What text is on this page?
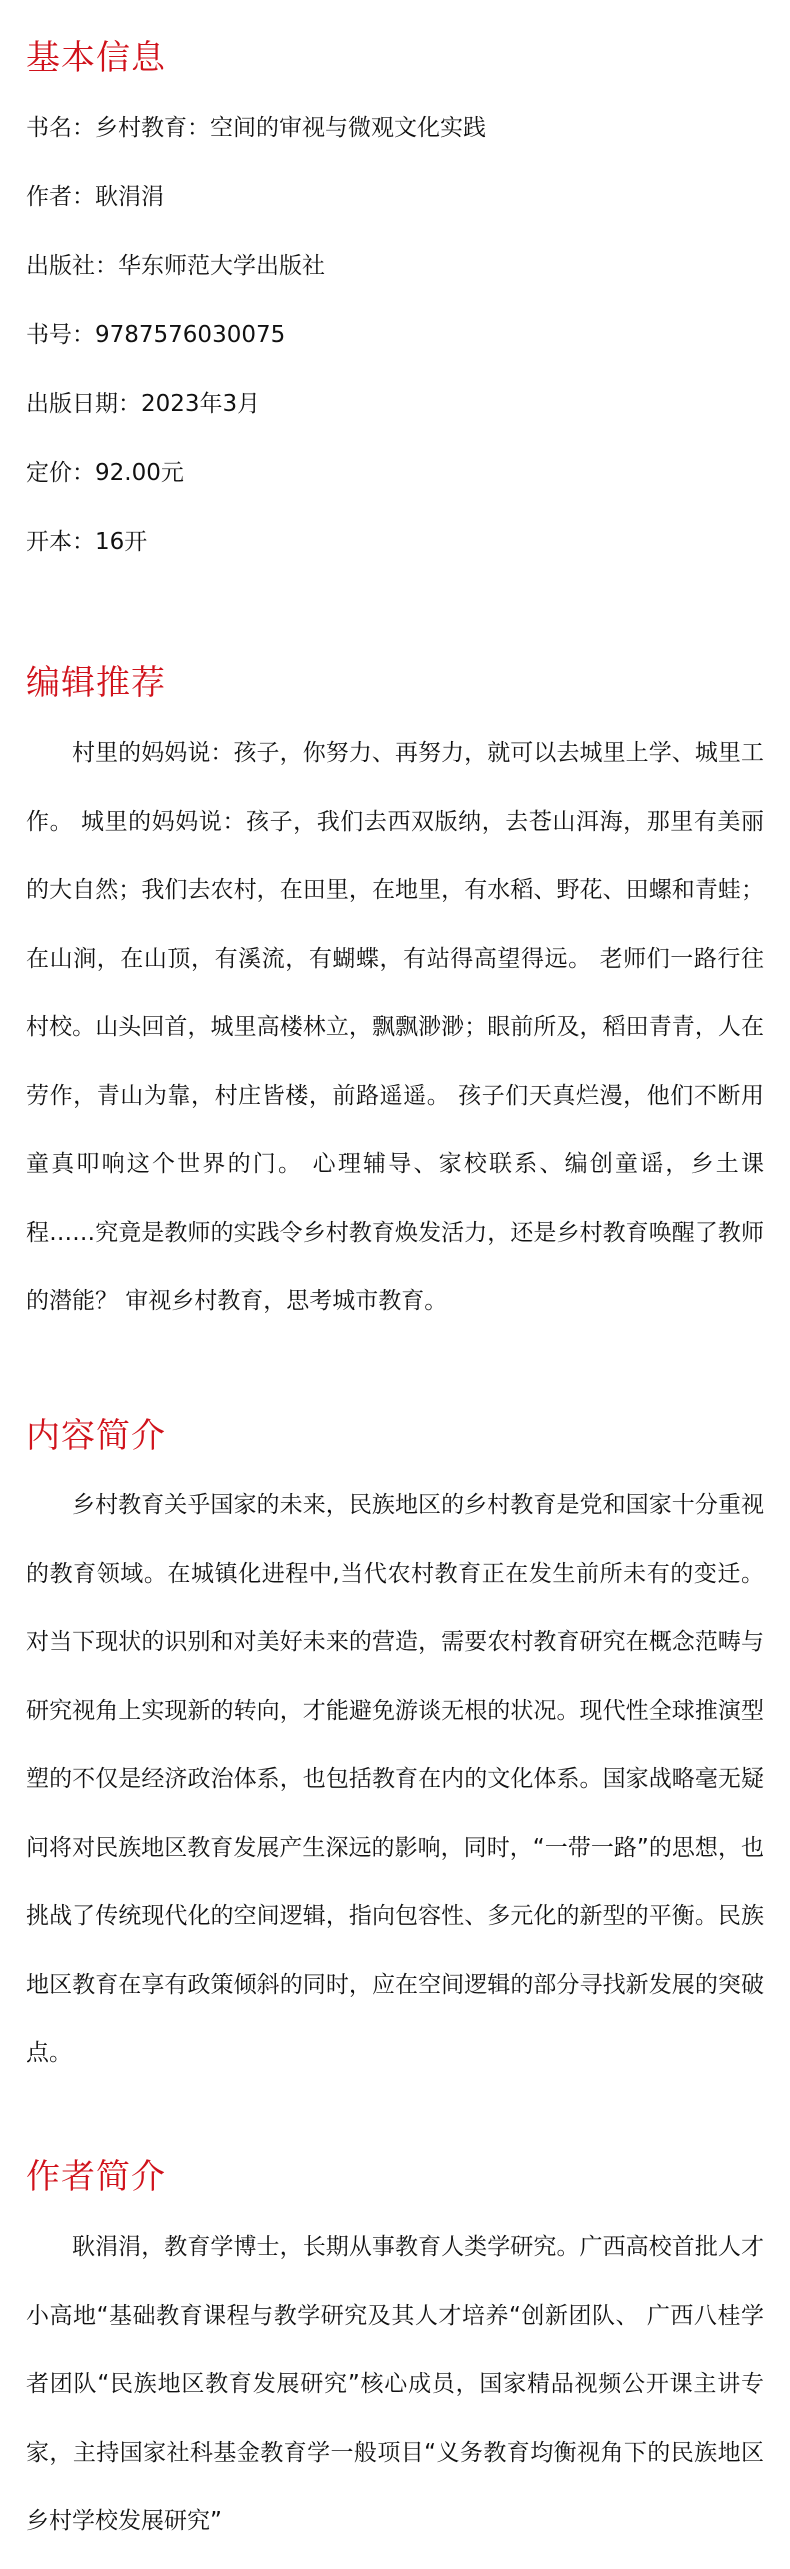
基本信息

书名：乡村教育：空间的审视与微观文化实践

作者：耿涓涓

出版社：华东师范大学出版社

书号：9787576030075

出版日期：2023年3月

定价：92.00元

开本：16开

编辑推荐

村里的妈妈说：孩子，你努力、再努力，就可以去城里上学、城里工作。 城里的妈妈说：孩子，我们去西双版纳，去苍山洱海，那里有美丽的大自然；我们去农村，在田里，在地里，有水稻、野花、田螺和青蛙；在山涧，在山顶，有溪流，有蝴蝶，有站得高望得远。 老师们一路行往村校。山头回首，城里高楼林立，飘飘渺渺；眼前所及，稻田青青，人在劳作，青山为靠，村庄皆楼，前路遥遥。 孩子们天真烂漫，他们不断用童真叩响这个世界的门。 心理辅导、家校联系、编创童谣，乡土课程……究竟是教师的实践令乡村教育焕发活力，还是乡村教育唤醒了教师的潜能？ 审视乡村教育，思考城市教育。

内容简介

乡村教育关乎国家的未来，民族地区的乡村教育是党和国家十分重视的教育领域。在城镇化进程中,当代农村教育正在发生前所未有的变迁。对当下现状的识别和对美好未来的营造，需要农村教育研究在概念范畴与研究视角上实现新的转向，才能避免游谈无根的状况。现代性全球推演型塑的不仅是经济政治体系，也包括教育在内的文化体系。国家战略毫无疑问将对民族地区教育发展产生深远的影响，同时，“一带一路”的思想，也挑战了传统现代化的空间逻辑，指向包容性、多元化的新型的平衡。民族地区教育在享有政策倾斜的同时，应在空间逻辑的部分寻找新发展的突破点。

作者简介

耿涓涓，教育学博士，长期从事教育人类学研究。广西高校首批人才小高地“基础教育课程与教学研究及其人才培养“创新团队、 广西八桂学者团队“民族地区教育发展研究”核心成员，国家精品视频公开课主讲专家，主持国家社科基金教育学一般项目“义务教育均衡视角下的民族地区乡村学校发展研究”
